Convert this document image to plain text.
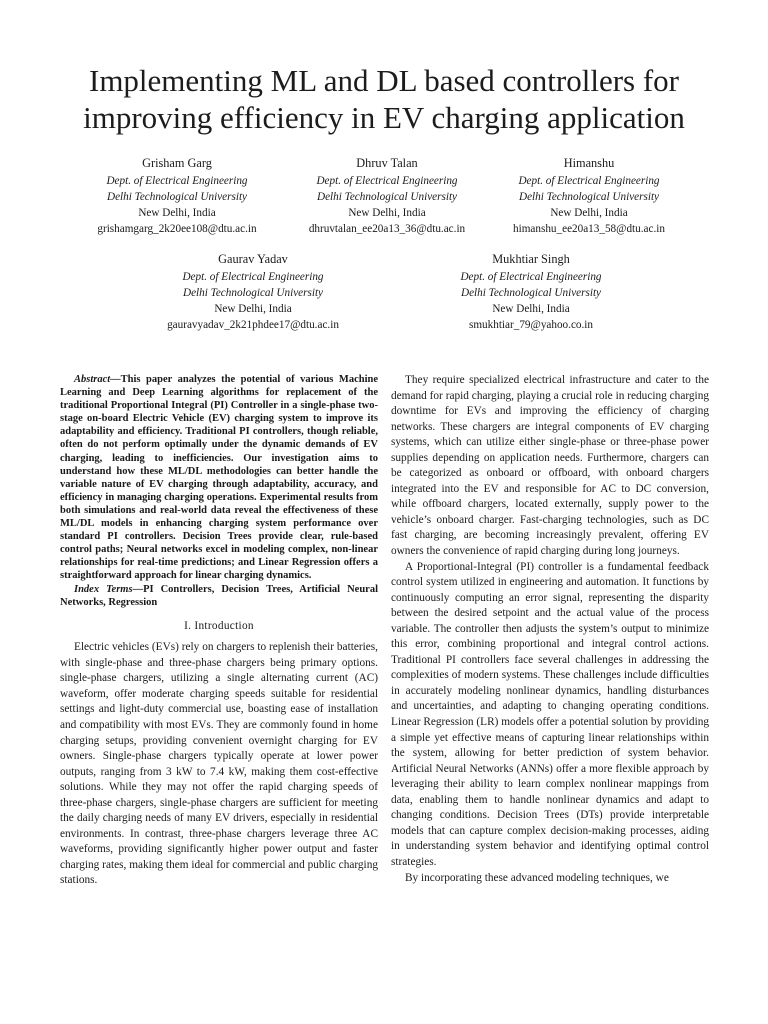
Implementing ML and DL based controllers for
improving efficiency in EV charging application
Grisham Garg
Dept. of Electrical Engineering
Delhi Technological University
New Delhi, India
grishamgarg_2k20ee108@dtu.ac.in
Dhruv Talan
Dept. of Electrical Engineering
Delhi Technological University
New Delhi, India
dhruvtalan_ee20a13_36@dtu.ac.in
Himanshu
Dept. of Electrical Engineering
Delhi Technological University
New Delhi, India
himanshu_ee20a13_58@dtu.ac.in
Gaurav Yadav
Dept. of Electrical Engineering
Delhi Technological University
New Delhi, India
gauravyadav_2k21phdee17@dtu.ac.in
Mukhtiar Singh
Dept. of Electrical Engineering
Delhi Technological University
New Delhi, India
smukhtiar_79@yahoo.co.in

Abstract—This paper analyzes the potential of various Machine Learning and Deep Learning algorithms for replacement of the traditional Proportional Integral (PI) Controller in a single-phase two-stage on-board Electric Vehicle (EV) charging system to improve its adaptability and efficiency. Traditional PI controllers, though reliable, often do not perform optimally under the dynamic demands of EV charging, leading to inefficiencies. Our investigation aims to understand how these ML/DL methodologies can better handle the variable nature of EV charging through adaptability, accuracy, and efficiency in managing charging operations. Experimental results from both simulations and real-world data reveal the effectiveness of these ML/DL models in enhancing charging system performance over standard PI controllers. Decision Trees provide clear, rule-based control paths; Neural networks excel in modeling complex, non-linear relationships for real-time predictions; and Linear Regression offers a straightforward approach for linear charging dynamics.

Index Terms—PI Controllers, Decision Trees, Artificial Neural Networks, Regression

I. Introduction

Electric vehicles (EVs) rely on chargers to replenish their batteries, with single-phase and three-phase chargers being primary options. single-phase chargers, utilizing a single alternating current (AC) waveform, offer moderate charging speeds suitable for residential settings and light-duty commercial use, boasting ease of installation and compatibility with most EVs. They are commonly found in home charging setups, providing convenient overnight charging for EV owners. Single-phase chargers typically operate at lower power outputs, ranging from 3 kW to 7.4 kW, making them cost-effective solutions. While they may not offer the rapid charging speeds of three-phase chargers, single-phase chargers are sufficient for meeting the daily charging needs of many EV drivers, especially in residential environments. In contrast, three-phase chargers leverage three AC waveforms, providing significantly higher power output and faster charging rates, making them ideal for commercial and public charging stations.

They require specialized electrical infrastructure and cater to the demand for rapid charging, playing a crucial role in reducing charging downtime for EVs and improving the efficiency of charging networks. These chargers are integral components of EV charging systems, which can utilize either single-phase or three-phase power supplies depending on application needs. Furthermore, chargers can be categorized as onboard or offboard, with onboard chargers integrated into the EV and responsible for AC to DC conversion, while offboard chargers, located externally, supply power to the vehicle’s onboard charger. Fast-charging technologies, such as DC fast charging, are becoming increasingly prevalent, offering EV owners the convenience of rapid charging during long journeys.

A Proportional-Integral (PI) controller is a fundamental feedback control system utilized in engineering and automation. It functions by continuously computing an error signal, representing the disparity between the desired setpoint and the actual value of the process variable. The controller then adjusts the system’s output to minimize this error, combining proportional and integral control actions. Traditional PI controllers face several challenges in addressing the complexities of modern systems. These challenges include difficulties in accurately modeling nonlinear dynamics, handling disturbances and uncertainties, and adapting to changing operating conditions. Linear Regression (LR) models offer a potential solution by providing a simple yet effective means of capturing linear relationships within the system, allowing for better prediction of system behavior. Artificial Neural Networks (ANNs) offer a more flexible approach by leveraging their ability to learn complex nonlinear mappings from data, enabling them to handle nonlinear dynamics and adapt to changing conditions. Decision Trees (DTs) provide interpretable models that can capture complex decision-making processes, aiding in understanding system behavior and identifying optimal control strategies.

By incorporating these advanced modeling techniques, we
